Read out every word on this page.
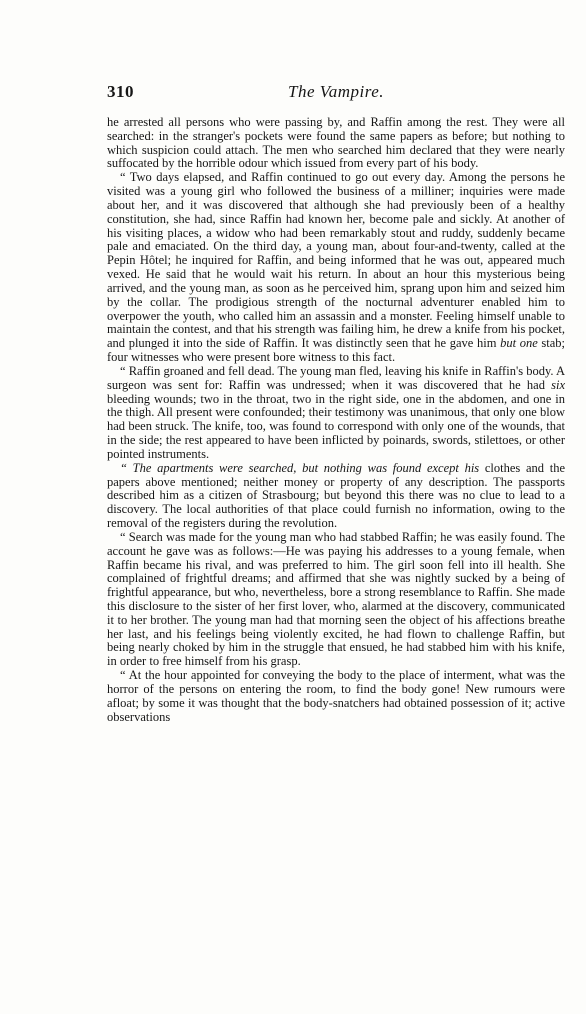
310	The Vampire.

he arrested all persons who were passing by, and Raffin among the rest. They were all searched: in the stranger's pockets were found the same papers as before; but nothing to which suspicion could attach. The men who searched him declared that they were nearly suffocated by the horrible odour which issued from every part of his body.

“ Two days elapsed, and Raffin continued to go out every day. Among the persons he visited was a young girl who followed the business of a milliner; inquiries were made about her, and it was discovered that although she had previously been of a healthy constitution, she had, since Raffin had known her, become pale and sickly. At another of his visiting places, a widow who had been remarkably stout and ruddy, suddenly became pale and emaciated. On the third day, a young man, about four-and-twenty, called at the Pepin Hôtel; he inquired for Raffin, and being informed that he was out, appeared much vexed. He said that he would wait his return. In about an hour this mysterious being arrived, and the young man, as soon as he perceived him, sprang upon him and seized him by the collar. The prodigious strength of the nocturnal adventurer enabled him to overpower the youth, who called him an assassin and a monster. Feeling himself unable to maintain the contest, and that his strength was failing him, he drew a knife from his pocket, and plunged it into the side of Raffin. It was distinctly seen that he gave him but one stab; four witnesses who were present bore witness to this fact.

“ Raffin groaned and fell dead. The young man fled, leaving his knife in Raffin's body. A surgeon was sent for: Raffin was undressed; when it was discovered that he had six bleeding wounds; two in the throat, two in the right side, one in the abdomen, and one in the thigh. All present were confounded; their testimony was unanimous, that only one blow had been struck. The knife, too, was found to correspond with only one of the wounds, that in the side; the rest appeared to have been inflicted by poinards, swords, stilettoes, or other pointed instruments.

“ The apartments were searched, but nothing was found except his clothes and the papers above mentioned; neither money or property of any description. The passports described him as a citizen of Strasbourg; but beyond this there was no clue to lead to a discovery. The local authorities of that place could furnish no information, owing to the removal of the registers during the revolution.

“ Search was made for the young man who had stabbed Raffin; he was easily found. The account he gave was as follows:—He was paying his addresses to a young female, when Raffin became his rival, and was preferred to him. The girl soon fell into ill health. She complained of frightful dreams; and affirmed that she was nightly sucked by a being of frightful appearance, but who, nevertheless, bore a strong resemblance to Raffin. She made this disclosure to the sister of her first lover, who, alarmed at the discovery, communicated it to her brother. The young man had that morning seen the object of his affections breathe her last, and his feelings being violently excited, he had flown to challenge Raffin, but being nearly choked by him in the struggle that ensued, he had stabbed him with his knife, in order to free himself from his grasp.

“ At the hour appointed for conveying the body to the place of interment, what was the horror of the persons on entering the room, to find the body gone! New rumours were afloat; by some it was thought that the body-snatchers had obtained possession of it; active observations
